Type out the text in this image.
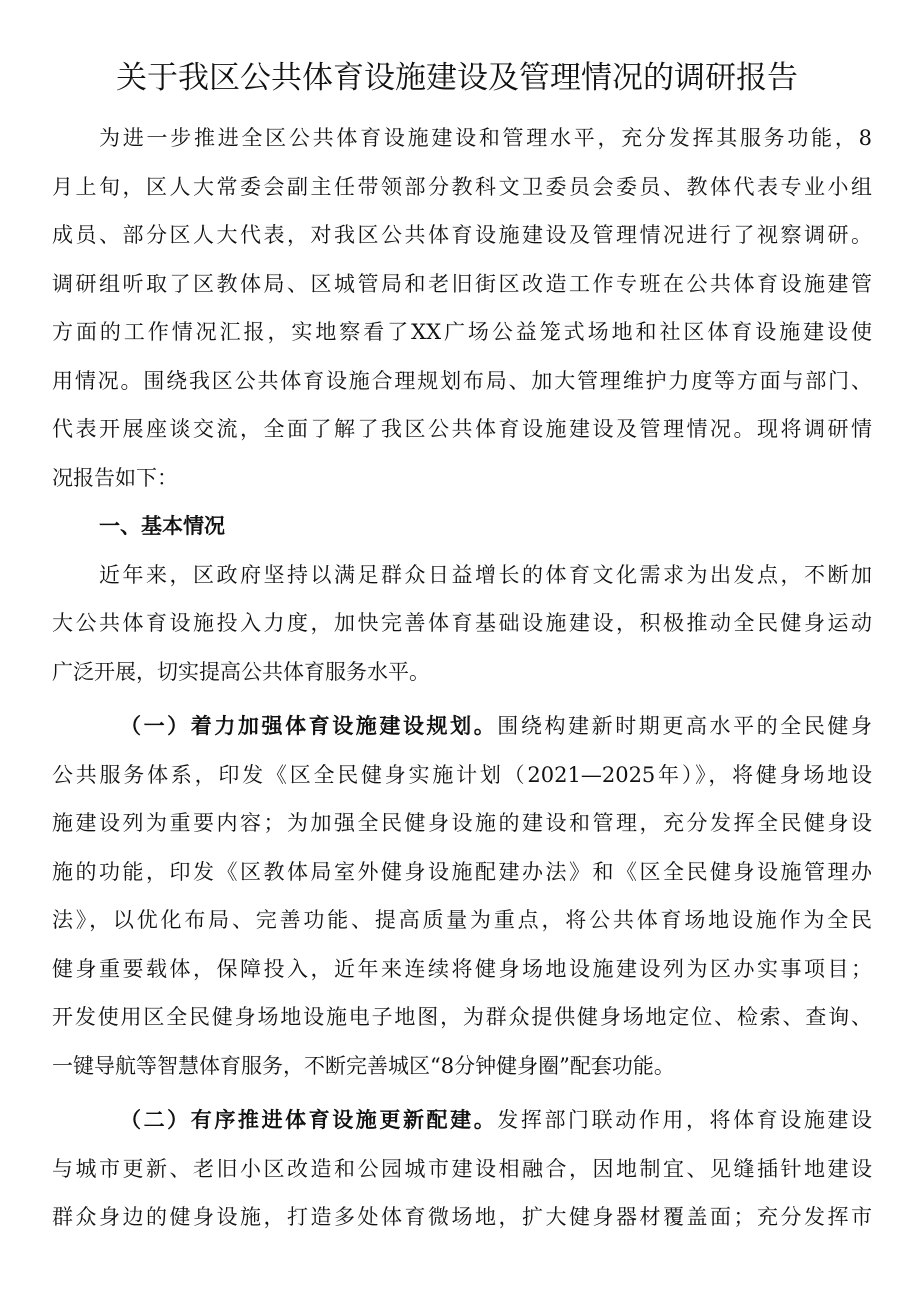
关于我区公共体育设施建设及管理情况的调研报告
为进一步推进全区公共体育设施建设和管理水平，充分发挥其服务功能，8
月上旬，区人大常委会副主任带领部分教科文卫委员会委员、教体代表专业小组
成员、部分区人大代表，对我区公共体育设施建设及管理情况进行了视察调研。
调研组听取了区教体局、区城管局和老旧街区改造工作专班在公共体育设施建管
方面的工作情况汇报，实地察看了XX广场公益笼式场地和社区体育设施建设使
用情况。围绕我区公共体育设施合理规划布局、加大管理维护力度等方面与部门、
代表开展座谈交流，全面了解了我区公共体育设施建设及管理情况。现将调研情
况报告如下：
一、基本情况
近年来，区政府坚持以满足群众日益增长的体育文化需求为出发点，不断加
大公共体育设施投入力度，加快完善体育基础设施建设，积极推动全民健身运动
广泛开展，切实提高公共体育服务水平。
（一）着力加强体育设施建设规划。围绕构建新时期更高水平的全民健身
公共服务体系，印发《区全民健身实施计划（2021—2025年）》，将健身场地设
施建设列为重要内容；为加强全民健身设施的建设和管理，充分发挥全民健身设
施的功能，印发《区教体局室外健身设施配建办法》和《区全民健身设施管理办
法》，以优化布局、完善功能、提高质量为重点，将公共体育场地设施作为全民
健身重要载体，保障投入，近年来连续将健身场地设施建设列为区办实事项目；
开发使用区全民健身场地设施电子地图，为群众提供健身场地定位、检索、查询、
一键导航等智慧体育服务，不断完善城区“8分钟健身圈”配套功能。
（二）有序推进体育设施更新配建。发挥部门联动作用，将体育设施建设
与城市更新、老旧小区改造和公园城市建设相融合，因地制宜、见缝插针地建设
群众身边的健身设施，打造多处体育微场地，扩大健身器材覆盖面；充分发挥市
